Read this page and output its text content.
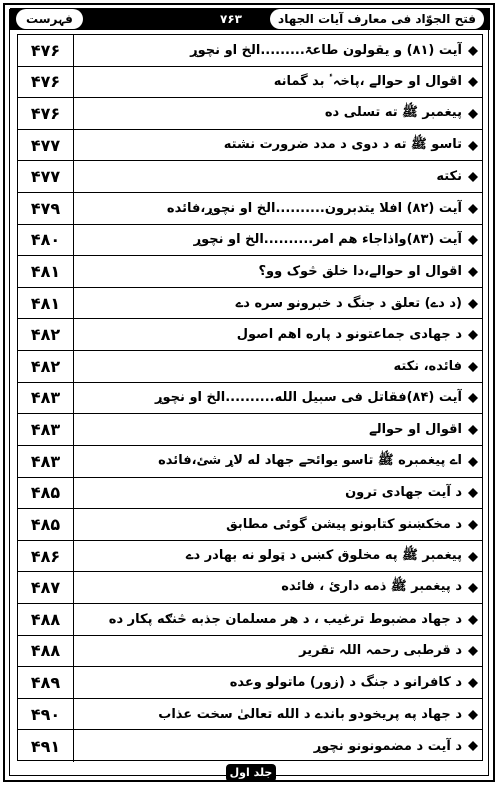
فہرست	۷۶۳	فتح الجوّاد فی معارف آیات الجهاد
۴۷۶	آیت (۸۱) و یقولون طاعۃ.........الخ او نچوړ
۴۷۶	اقوال او حوالے ،پاخہٴ بد گمانه
۴۷۶	پیغمبر ﷺ ته تسلی ده
۴۷۷	تاسو ﷺ ته د دوی د مدد ضرورت نشته
۴۷۷	نکته
۴۷۹	آیت (۸۲) افلا یتدبرون..........الخ او نچوړ،فائده
۴۸۰	آیت (۸۳)واذاجاء هم امر..........الخ او نچوړ
۴۸۱	اقوال او حوالے،دا خلق څوک وو؟
۴۸۱	(د دے) تعلق د جنگ د خبرونو سره دے
۴۸۲	د جهادی جماعتونو د پاره اهم اصول
۴۸۲	فائده، نکته
۴۸۳	آیت (۸۴)فقاتل فی سبیل الله..........الخ او نچوړ
۴۸۳	اقوال او حوالے
۴۸۳	اے پیغمبره ﷺ تاسو یوائحے جهاد له لاړ شئ،فائده
۴۸۵	د آیت جهادی ترون
۴۸۵	د مخکښنو کتابونو پیشن گوئی مطابق
۴۸۶	پیغمبر ﷺ په مخلوق کښں د ټولو نه بهادر دے
۴۸۷	د پیغمبر ﷺ ذمه داریٔ ، فائده
۴۸۸	د جهاد مضبوط ترغیب ، د هر مسلمان جذبه څنګه پکار ده
۴۸۸	د قرطبی رحمہ اللہ تقریر
۴۸۹	د کافرانو د جنگ د (زور) ماتولو وعده
۴۹۰	د جهاد په پریخودو باندے د الله تعالیٰ سخت عذاب
۴۹۱	د آیت د مضمونونو نچوړ
جلد اول
